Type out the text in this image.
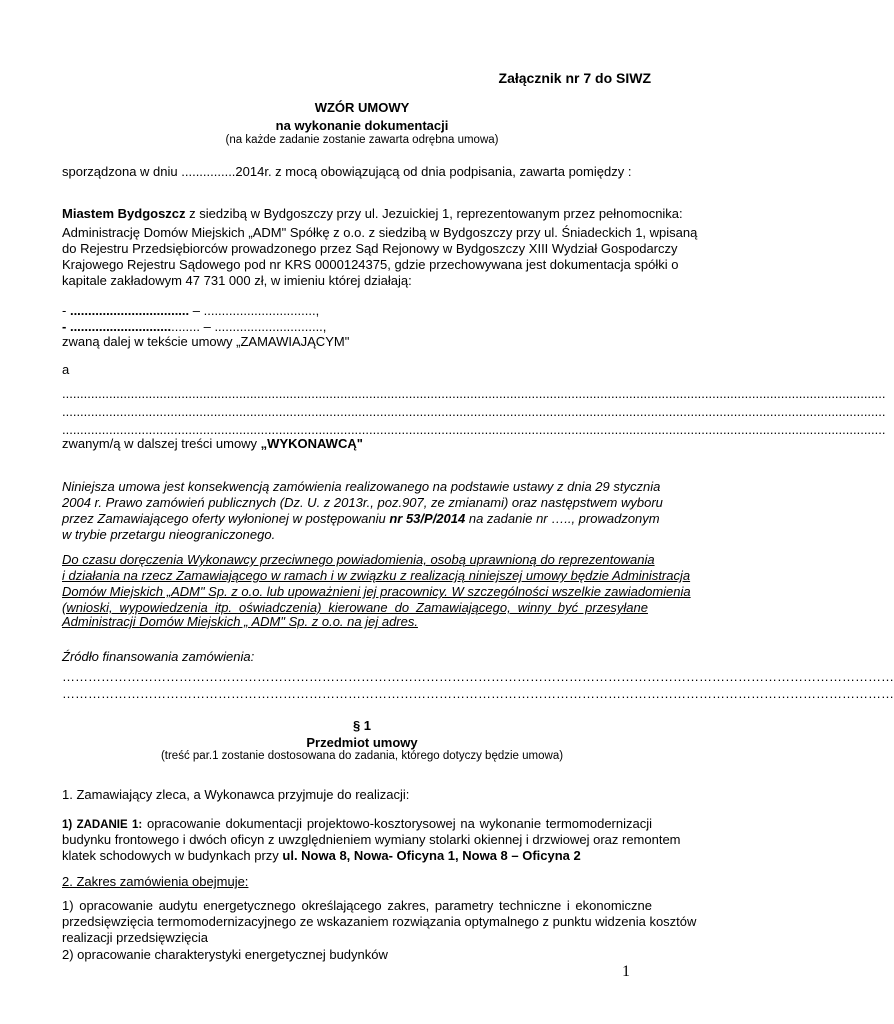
Załącznik nr 7 do SIWZ
WZÓR UMOWY
na wykonanie dokumentacji
(na każde zadanie zostanie zawarta odrębna umowa)
sporządzona w dniu ...............2014r. z mocą obowiązującą od dnia podpisania, zawarta pomiędzy :
Miastem Bydgoszcz z siedzibą w Bydgoszczy przy ul. Jezuickiej 1, reprezentowanym przez pełnomocnika:
Administrację Domów Miejskich „ADM" Spółkę z o.o. z siedzibą w Bydgoszczy przy ul. Śniadeckich 1, wpisaną
do Rejestru Przedsiębiorców prowadzonego przez Sąd Rejonowy w Bydgoszczy XIII Wydział Gospodarczy
Krajowego Rejestru Sądowego pod nr KRS 0000124375, gdzie przechowywana jest dokumentacja spółki o
kapitale zakładowym 47 731 000 zł, w imieniu której działają:
- ................................. – ...............................,
- .................................... – ..............................,
zwaną dalej w tekście umowy „ZAMAWIAJĄCYM"
a
....................................................................................................................................................................................................................................
....................................................................................................................................................................................................................................
....................................................................................................................................................................................................................................
zwanym/ą w dalszej treści umowy „WYKONAWCĄ"
Niniejsza umowa jest konsekwencją zamówienia realizowanego na podstawie ustawy z dnia 29 stycznia
2004 r. Prawo zamówień publicznych (Dz. U. z 2013r., poz.907, ze zmianami) oraz następstwem wyboru
przez Zamawiającego oferty wyłonionej w postępowaniu nr 53/P/2014 na zadanie nr ….., prowadzonym
w trybie przetargu nieograniczonego.
Do czasu doręczenia Wykonawcy przeciwnego powiadomienia, osobą uprawnioną do reprezentowania
i działania na rzecz Zamawiającego w ramach i w związku z realizacją niniejszej umowy będzie Administracja
Domów Miejskich „ADM" Sp. z o.o. lub upoważnieni jej pracownicy. W szczególności wszelkie zawiadomienia
(wnioski, wypowiedzenia itp. oświadczenia) kierowane do Zamawiającego, winny być przesyłane
Administracji Domów Miejskich „ ADM" Sp. z o.o. na jej adres.
Źródło finansowania zamówienia:
…………………………………………………………………………………………………………………………………………………………………………
…………………………………………………………………………………………………………………………………………………………………………
§ 1
Przedmiot umowy
(treść par.1 zostanie dostosowana do zadania, którego dotyczy będzie umowa)
1. Zamawiający zleca, a Wykonawca przyjmuje do realizacji:
1) ZADANIE 1: opracowanie dokumentacji projektowo-kosztorysowej na wykonanie termomodernizacji
budynku frontowego i dwóch oficyn z uwzględnieniem wymiany stolarki okiennej i drzwiowej oraz remontem
klatek schodowych w budynkach przy ul. Nowa 8, Nowa- Oficyna 1, Nowa 8 – Oficyna 2
2. Zakres zamówienia obejmuje:
1) opracowanie audytu energetycznego określającego zakres, parametry techniczne i ekonomiczne
przedsięwzięcia termomodernizacyjnego ze wskazaniem rozwiązania optymalnego z punktu widzenia kosztów
realizacji przedsięwzięcia
2) opracowanie charakterystyki energetycznej budynków
1
